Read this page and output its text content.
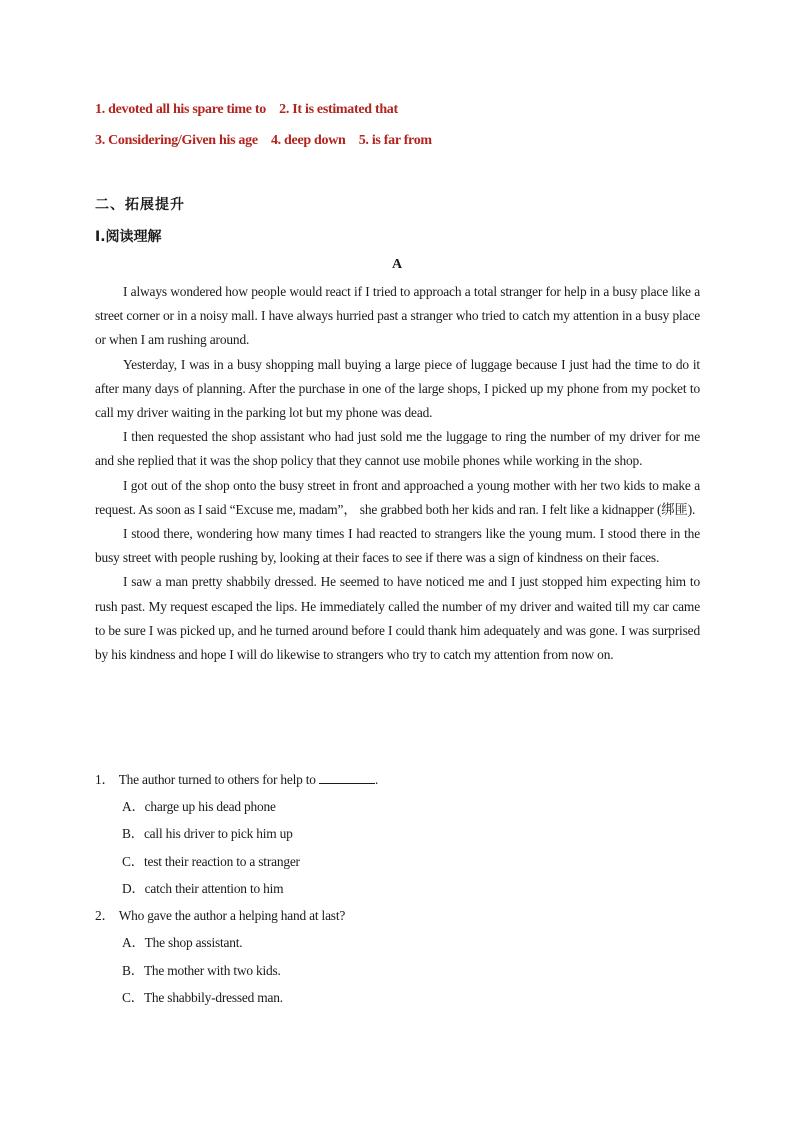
1. devoted all his spare time to 2. It is estimated that
3. Considering/Given his age 4. deep down 5. is far from
二、拓展提升
I.阅读理解
A

I always wondered how people would react if I tried to approach a total stranger for help in a busy place like a street corner or in a noisy mall. I have always hurried past a stranger who tried to catch my attention in a busy place or when I am rushing around.

Yesterday, I was in a busy shopping mall buying a large piece of luggage because I just had the time to do it after many days of planning. After the purchase in one of the large shops, I picked up my phone from my pocket to call my driver waiting in the parking lot but my phone was dead.

I then requested the shop assistant who had just sold me the luggage to ring the number of my driver for me and she replied that it was the shop policy that they cannot use mobile phones while working in the shop.

I got out of the shop onto the busy street in front and approached a young mother with her two kids to make a request. As soon as I said “Excuse me, madam”， she grabbed both her kids and ran. I felt like a kidnapper (绑匪).

I stood there, wondering how many times I had reacted to strangers like the young mum. I stood there in the busy street with people rushing by, looking at their faces to see if there was a sign of kindness on their faces.

I saw a man pretty shabbily dressed. He seemed to have noticed me and I just stopped him expecting him to rush past. My request escaped the lips. He immediately called the number of my driver and waited till my car came to be sure I was picked up, and he turned around before I could thank him adequately and was gone. I was surprised by his kindness and hope I will do likewise to strangers who try to catch my attention from now on.

1． The author turned to others for help to	.
A．charge up his dead phone
B．call his driver to pick him up
C．test their reaction to a stranger
D．catch their attention to him
2． Who gave the author a helping hand at last?
A．The shop assistant.
B．The mother with two kids.
C．The shabbily-dressed man.
